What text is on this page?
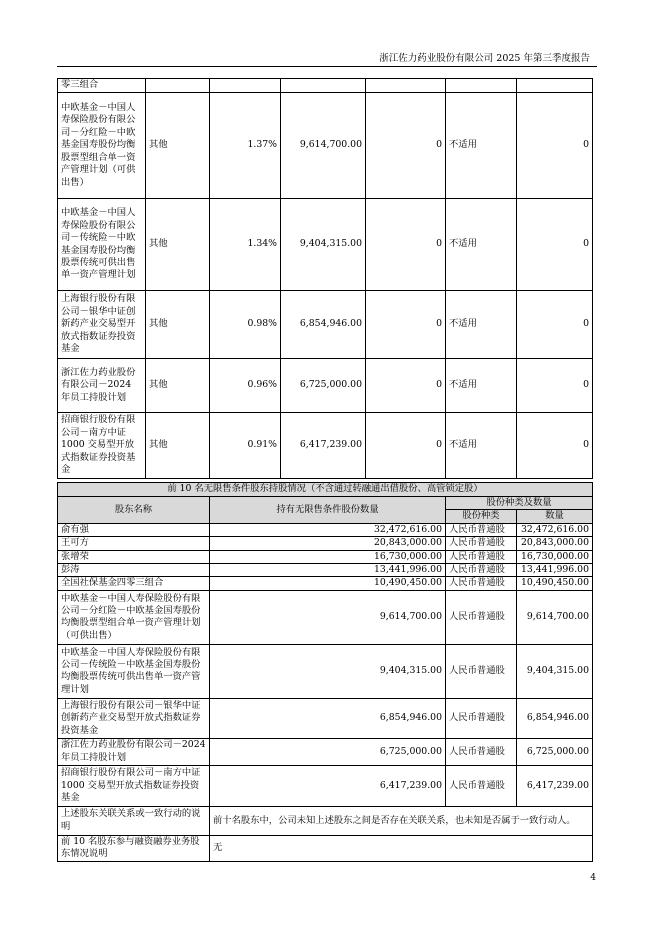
浙江佐力药业股份有限公司 2025 年第三季度报告
零三组合						
中欧基金－中国人寿保险股份有限公司－分红险－中欧基金国寿股份均衡股票型组合单一资产管理计划（可供出售）	其他	1.37%	9,614,700.00	0	不适用	0
中欧基金－中国人寿保险股份有限公司－传统险－中欧基金国寿股份均衡股票传统可供出售单一资产管理计划	其他	1.34%	9,404,315.00	0	不适用	0
上海银行股份有限公司－银华中证创新药产业交易型开放式指数证券投资基金	其他	0.98%	6,854,946.00	0	不适用	0
浙江佐力药业股份有限公司－2024 年员工持股计划	其他	0.96%	6,725,000.00	0	不适用	0
招商银行股份有限公司－南方中证 1000 交易型开放式指数证券投资基金	其他	0.91%	6,417,239.00	0	不适用	0
前 10 名无限售条件股东持股情况（不含通过转融通出借股份、高管锁定股）			
股东名称	持有无限售条件股份数量	股份种类及数量	
		股份种类	数量
俞有强	32,472,616.00	人民币普通股	32,472,616.00
王可方	20,843,000.00	人民币普通股	20,843,000.00
张增荣	16,730,000.00	人民币普通股	16,730,000.00
彭涛	13,441,996.00	人民币普通股	13,441,996.00
全国社保基金四零三组合	10,490,450.00	人民币普通股	10,490,450.00
中欧基金－中国人寿保险股份有限公司－分红险－中欧基金国寿股份均衡股票型组合单一资产管理计划（可供出售）	9,614,700.00	人民币普通股	9,614,700.00
中欧基金－中国人寿保险股份有限公司－传统险－中欧基金国寿股份均衡股票传统可供出售单一资产管理计划	9,404,315.00	人民币普通股	9,404,315.00
上海银行股份有限公司－银华中证创新药产业交易型开放式指数证券投资基金	6,854,946.00	人民币普通股	6,854,946.00
浙江佐力药业股份有限公司－2024 年员工持股计划	6,725,000.00	人民币普通股	6,725,000.00
招商银行股份有限公司－南方中证 1000 交易型开放式指数证券投资基金	6,417,239.00	人民币普通股	6,417,239.00
上述股东关联关系或一致行动的说明	前十名股东中，公司未知上述股东之间是否存在关联关系，也未知是否属于一致行动人。		
前 10 名股东参与融资融券业务股东情况说明	无		
4
